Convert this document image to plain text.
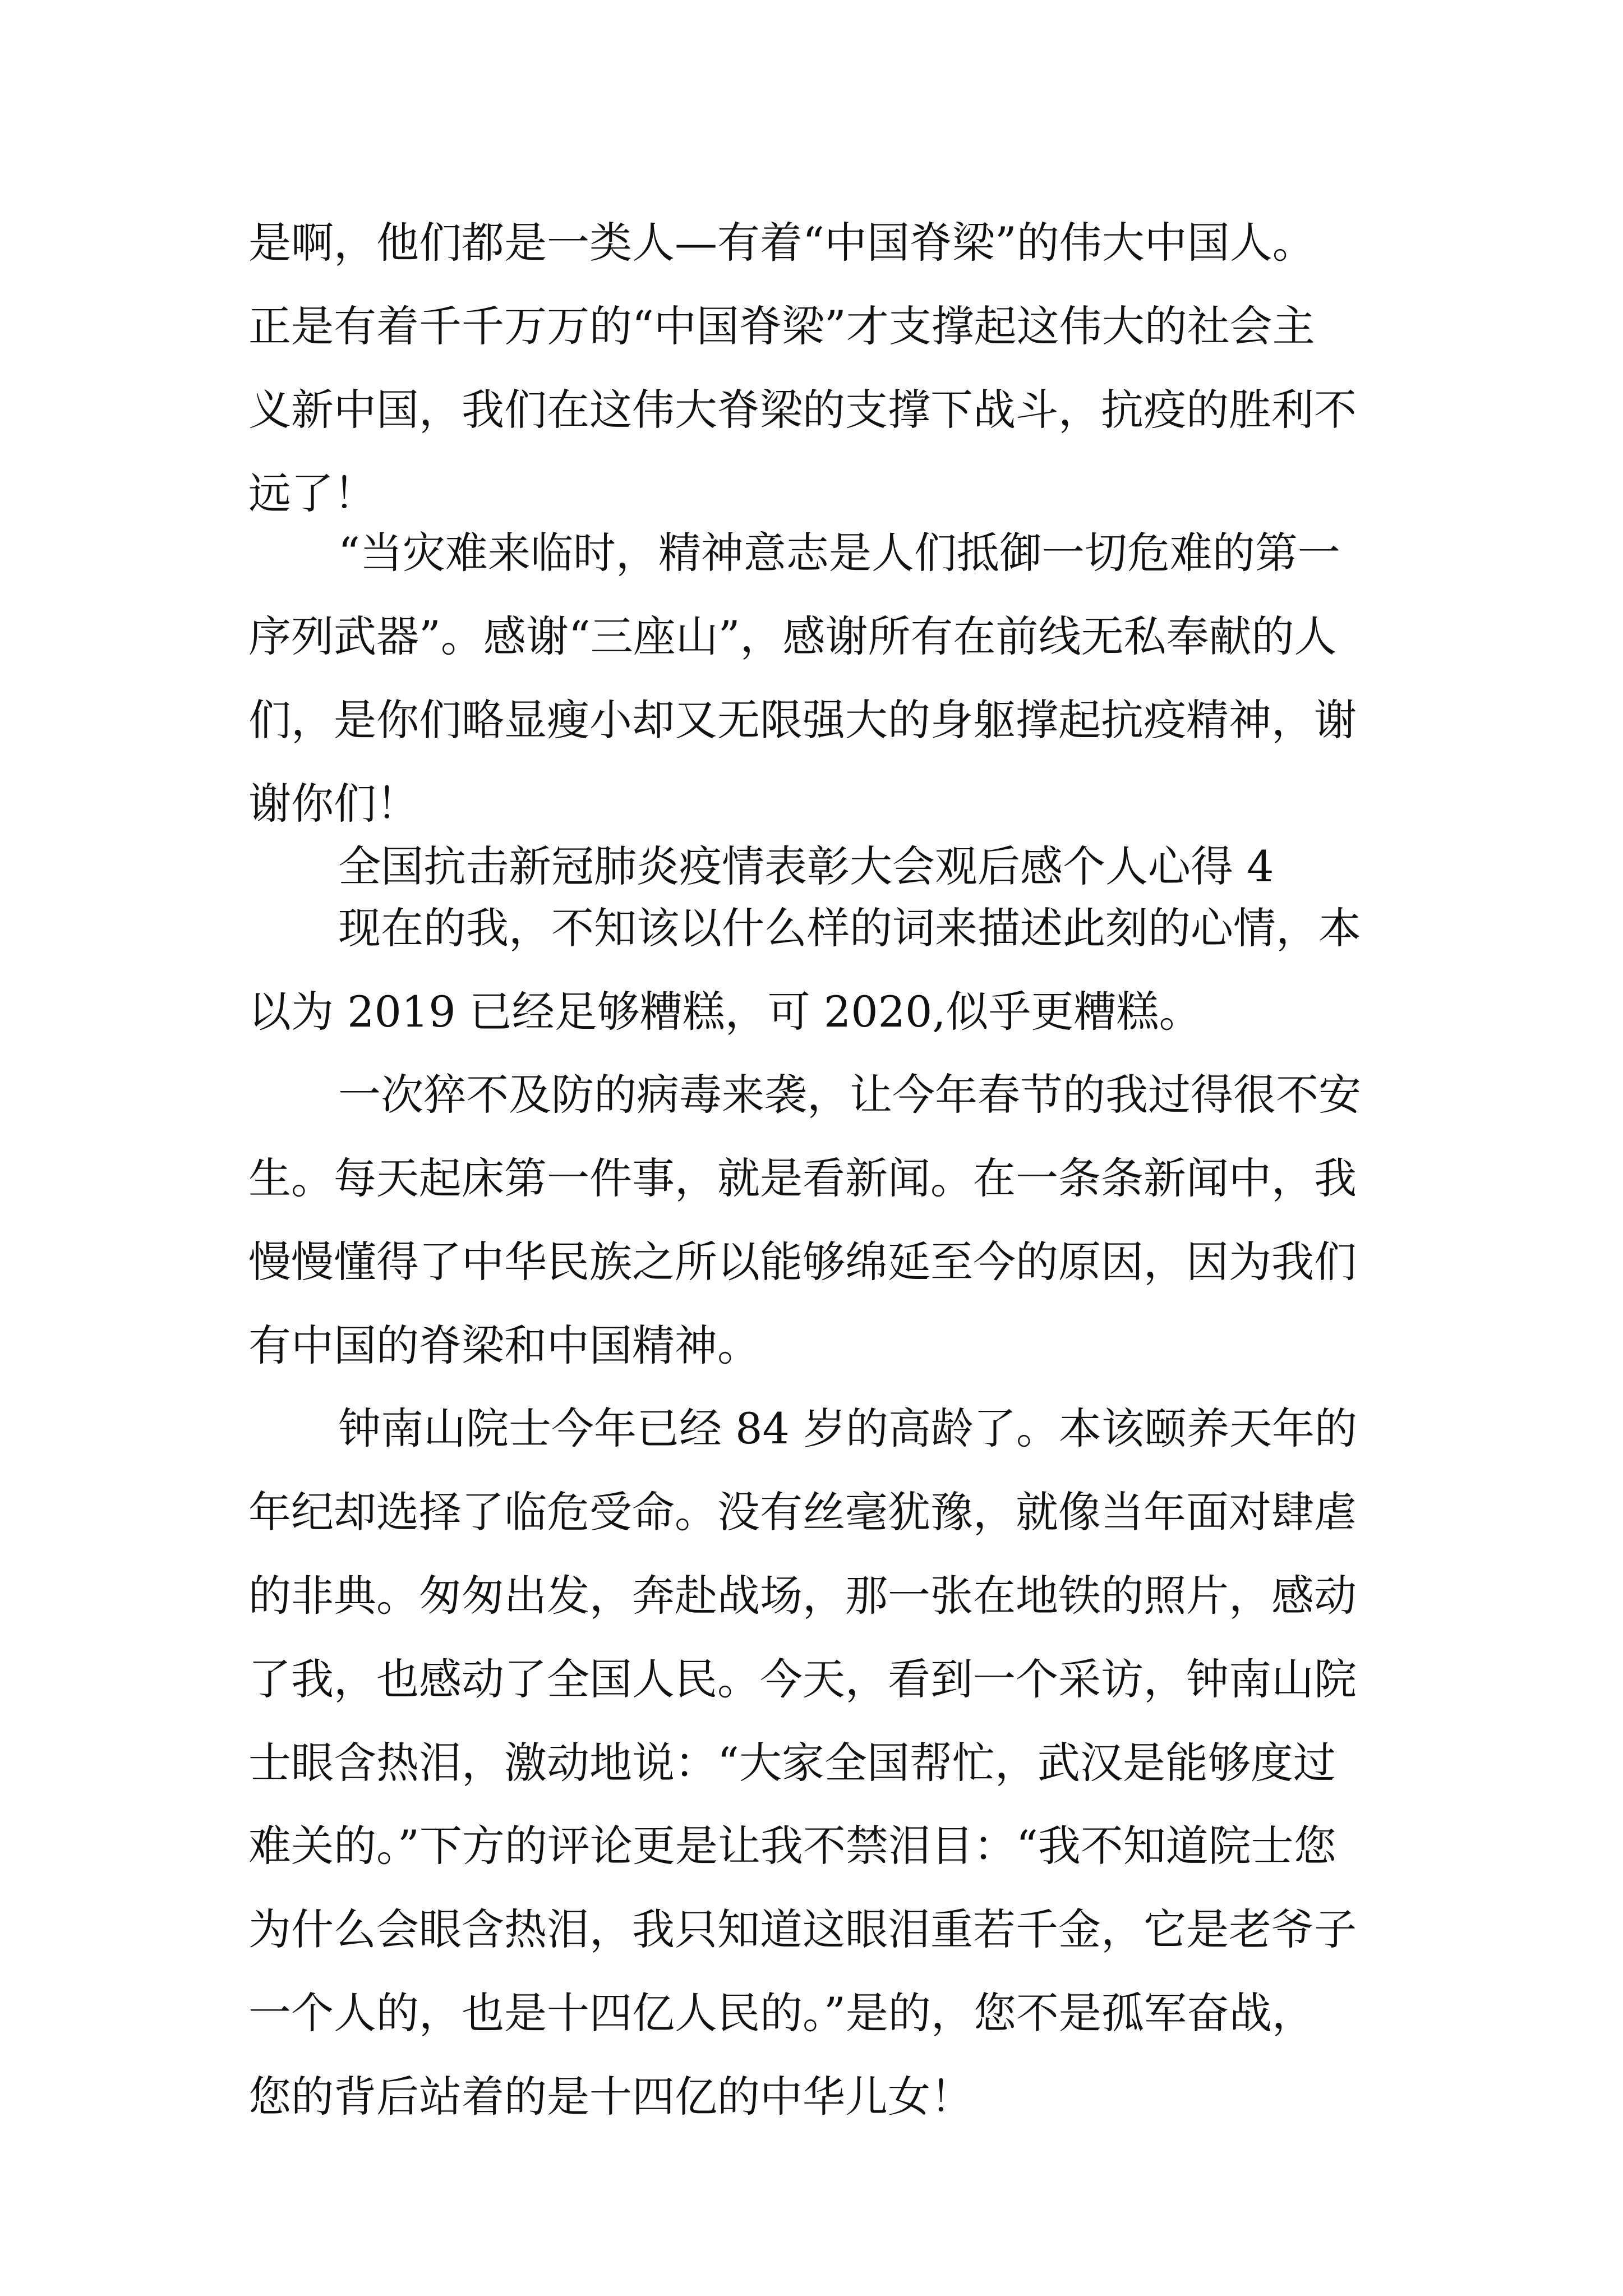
是啊，他们都是一类人—有着“中国脊梁”的伟大中国人。
正是有着千千万万的“中国脊梁”才支撑起这伟大的社会主
义新中国，我们在这伟大脊梁的支撑下战斗，抗疫的胜利不
远了！
“当灾难来临时，精神意志是人们抵御一切危难的第一
序列武器”。感谢“三座山”，感谢所有在前线无私奉献的人
们，是你们略显瘦小却又无限强大的身躯撑起抗疫精神，谢
谢你们！
全国抗击新冠肺炎疫情表彰大会观后感个人心得 4
现在的我，不知该以什么样的词来描述此刻的心情，本
以为 2019 已经足够糟糕，可 2020,似乎更糟糕。
一次猝不及防的病毒来袭，让今年春节的我过得很不安
生。每天起床第一件事，就是看新闻。在一条条新闻中，我
慢慢懂得了中华民族之所以能够绵延至今的原因，因为我们
有中国的脊梁和中国精神。
钟南山院士今年已经 84 岁的高龄了。本该颐养天年的
年纪却选择了临危受命。没有丝毫犹豫，就像当年面对肆虐
的非典。匆匆出发，奔赴战场，那一张在地铁的照片，感动
了我，也感动了全国人民。今天，看到一个采访，钟南山院
士眼含热泪，激动地说：“大家全国帮忙，武汉是能够度过
难关的。”下方的评论更是让我不禁泪目：“我不知道院士您
为什么会眼含热泪，我只知道这眼泪重若千金，它是老爷子
一个人的，也是十四亿人民的。”是的，您不是孤军奋战，
您的背后站着的是十四亿的中华儿女！
